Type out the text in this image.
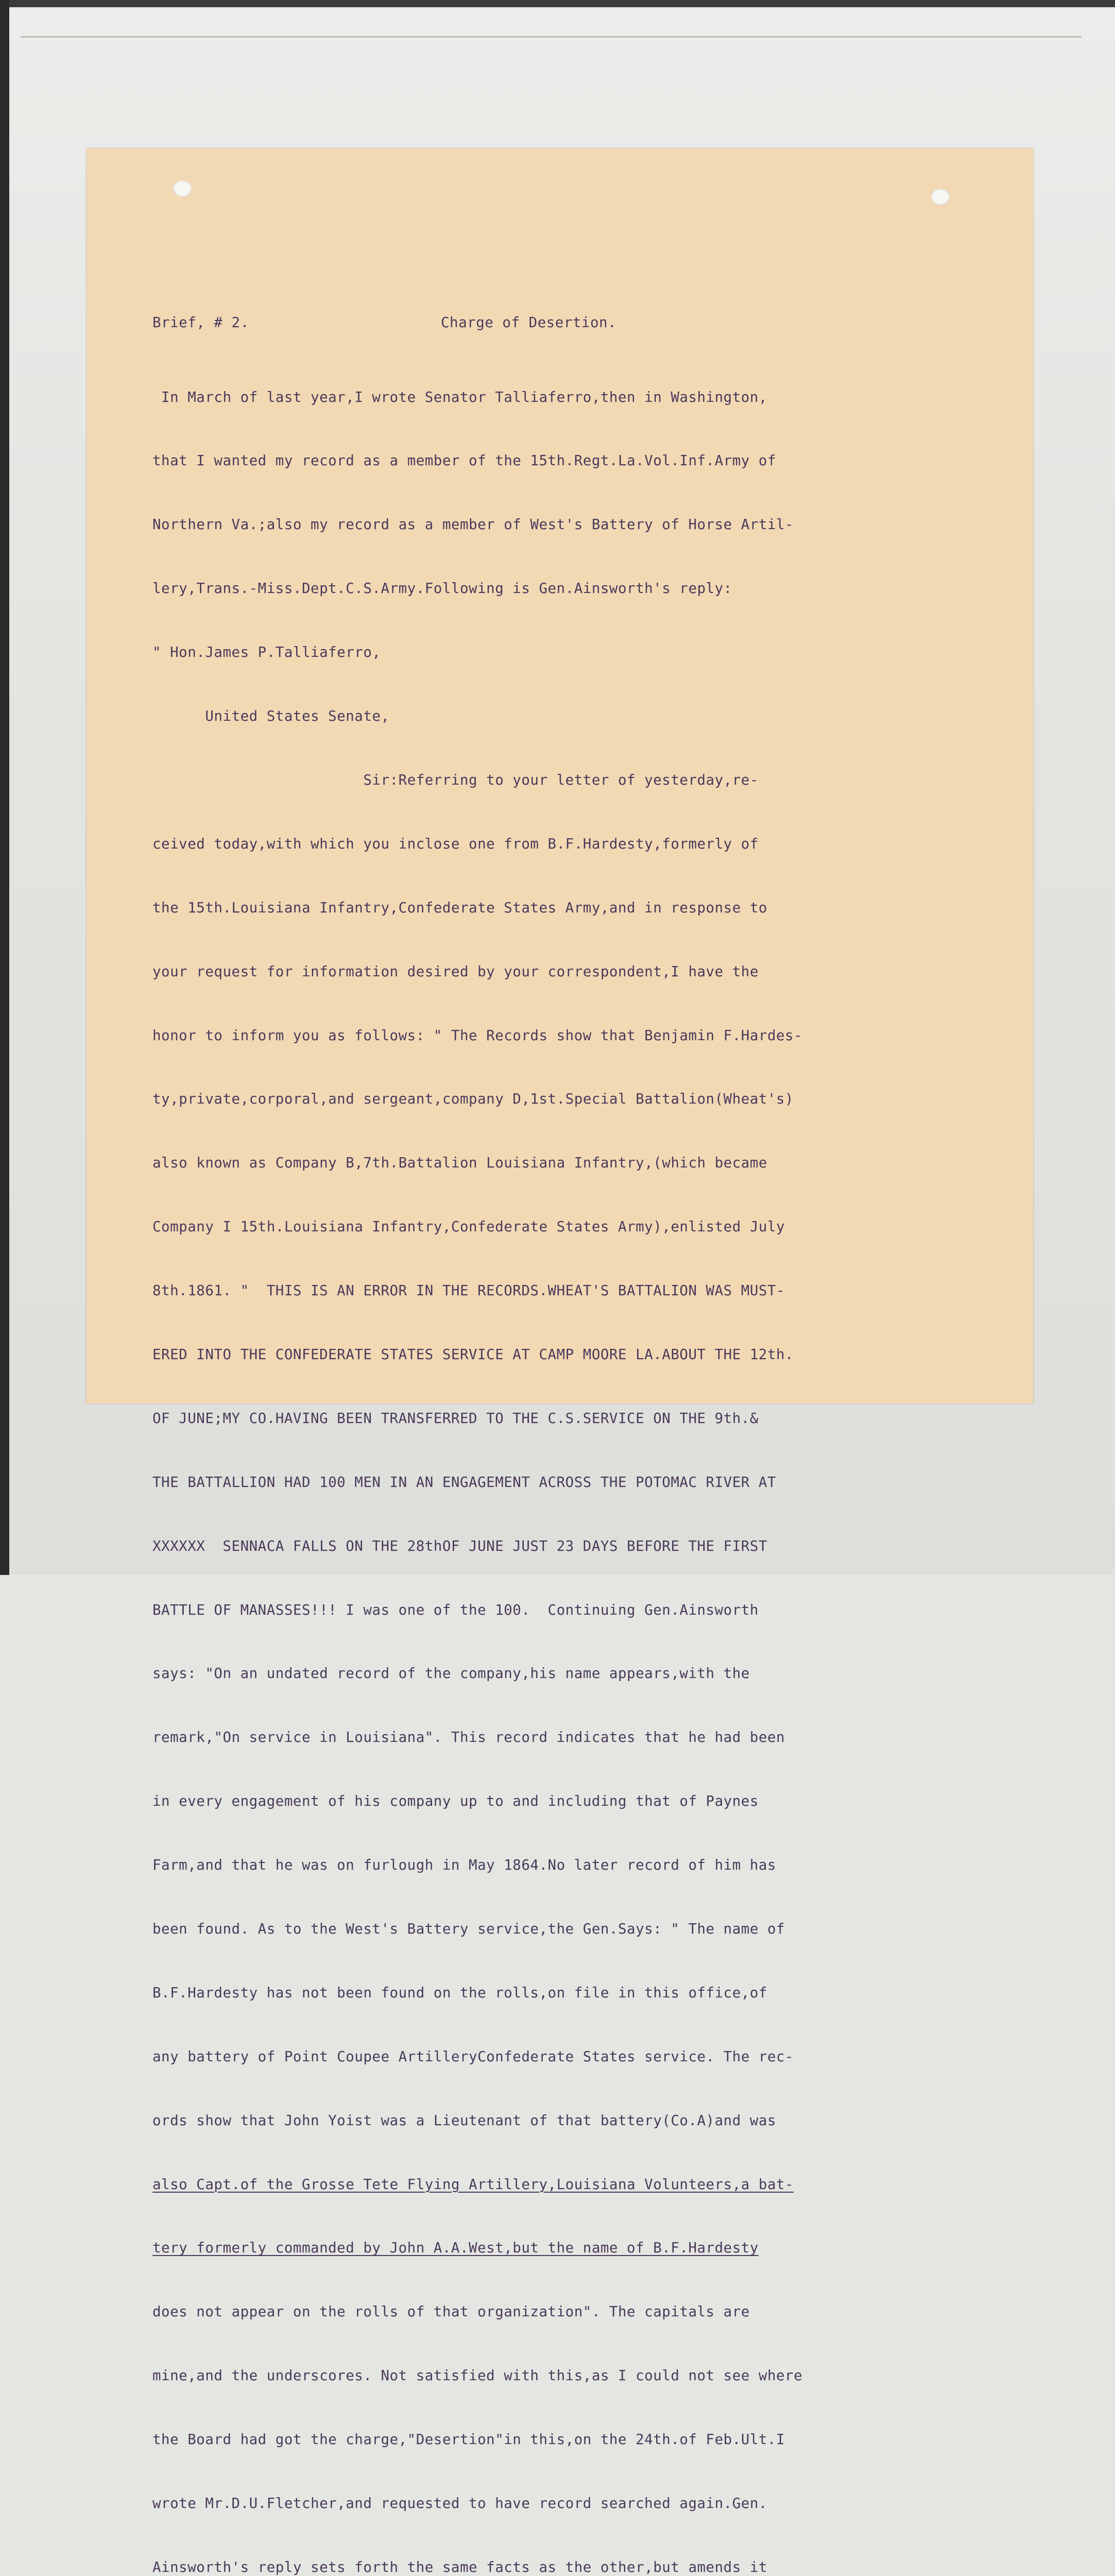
Brief, # 2.

	Charge of Desertion.

In March of last year,I wrote Senator Talliaferro,then in Washington,

that I wanted my record as a member of the 15th.Regt.La.Vol.Inf.Army of

Northern Va.;also my record as a member of West's Battery of Horse Artil-

lery,Trans.-Miss.Dept.C.S.Army.Following is Gen.Ainsworth's reply:

" Hon.James P.Talliaferro,

United States Senate,

Sir:Referring to your letter of yesterday,re-

ceived today,with which you inclose one from B.F.Hardesty,formerly of

the 15th.Louisiana Infantry,Confederate States Army,and in response to

your request for information desired by your correspondent,I have the

honor to inform you as follows: " The Records show that Benjamin F.Hardes-

ty,private,corporal,and sergeant,company D,1st.Special Battalion(Wheat's)

also known as Company B,7th.Battalion Louisiana Infantry,(which became

Company I 15th.Louisiana Infantry,Confederate States Army),enlisted July

8th.1861. "  THIS IS AN ERROR IN THE RECORDS.WHEAT'S BATTALION WAS MUST-

ERED INTO THE CONFEDERATE STATES SERVICE AT CAMP MOORE LA.ABOUT THE 12th.

OF JUNE;MY CO.HAVING BEEN TRANSFERRED TO THE C.S.SERVICE ON THE 9th.&

THE BATTALLION HAD 100 MEN IN AN ENGAGEMENT ACROSS THE POTOMAC RIVER AT

XXXXXX  SENNACA FALLS ON THE 28thOF JUNE JUST 23 DAYS BEFORE THE FIRST

BATTLE OF MANASSES!!! I was one of the 100.  Continuing Gen.Ainsworth

says: "On an undated record of the company,his name appears,with the

remark,"On service in Louisiana". This record indicates that he had been

in every engagement of his company up to and including that of Paynes

Farm,and that he was on furlough in May 1864.No later record of him has

been found. As to the West's Battery service,the Gen.Says: " The name of

B.F.Hardesty has not been found on the rolls,on file in this office,of

any battery of Point Coupee ArtilleryConfederate States service. The rec-

ords show that John Yoist was a Lieutenant of that battery(Co.A)and was

also Capt.of the Grosse Tete Flying Artillery,Louisiana Volunteers,a bat-

tery formerly commanded by John A.A.West,but the name of B.F.Hardesty

does not appear on the rolls of that organization". The capitals are

mine,and the underscores. Not satisfied with this,as I could not see where

the Board had got the charge,"Desertion"in this,on the 24th.of Feb.Ult.I

wrote Mr.D.U.Fletcher,and requested to have record searched again.Gen.

Ainsworth's reply sets forth the same facts as the other,but amends it
